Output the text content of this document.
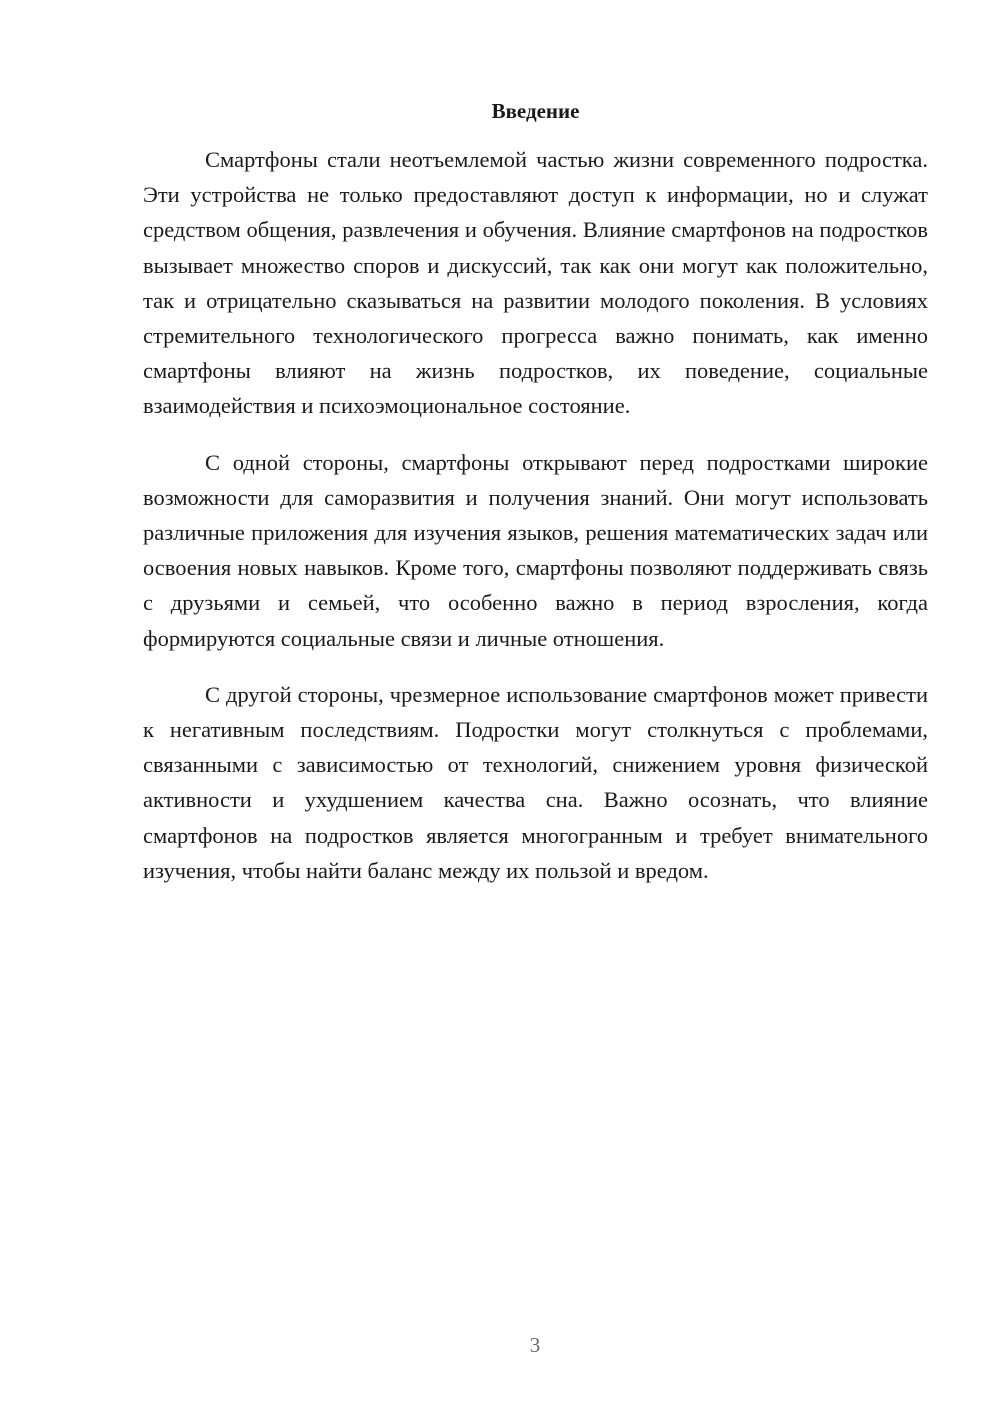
Введение

Смартфоны стали неотъемлемой частью жизни современного подростка. Эти устройства не только предоставляют доступ к информации, но и служат средством общения, развлечения и обучения. Влияние смартфонов на подростков вызывает множество споров и дискуссий, так как они могут как положительно, так и отрицательно сказываться на развитии молодого поколения. В условиях стремительного технологического прогресса важно понимать, как именно смартфоны влияют на жизнь подростков, их поведение, социальные взаимодействия и психоэмоциональное состояние.

С одной стороны, смартфоны открывают перед подростками широкие возможности для саморазвития и получения знаний. Они могут использовать различные приложения для изучения языков, решения математических задач или освоения новых навыков. Кроме того, смартфоны позволяют поддерживать связь с друзьями и семьей, что особенно важно в период взросления, когда формируются социальные связи и личные отношения.

С другой стороны, чрезмерное использование смартфонов может привести к негативным последствиям. Подростки могут столкнуться с проблемами, связанными с зависимостью от технологий, снижением уровня физической активности и ухудшением качества сна. Важно осознать, что влияние смартфонов на подростков является многогранным и требует внимательного изучения, чтобы найти баланс между их пользой и вредом.

3
